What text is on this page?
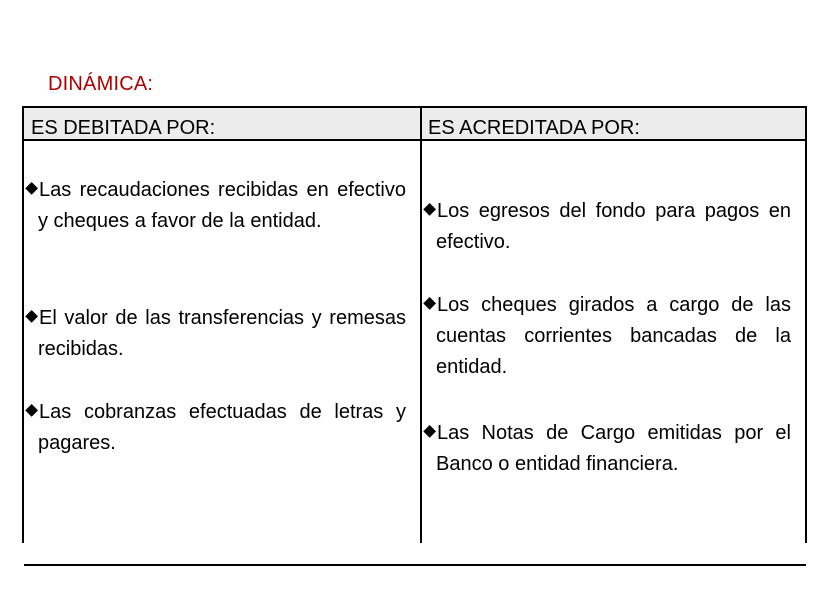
DINÁMICA:
ES DEBITADA POR:	ES ACREDITADA POR:
Las recaudaciones recibidas en efectivo y cheques a favor de la entidad.
El valor de las transferencias y remesas recibidas.
Las cobranzas efectuadas de letras y pagares.
Los egresos del fondo para pagos en efectivo.
Los cheques girados a cargo de las cuentas corrientes bancadas de la entidad.
Las Notas de Cargo emitidas por el Banco o entidad financiera.
